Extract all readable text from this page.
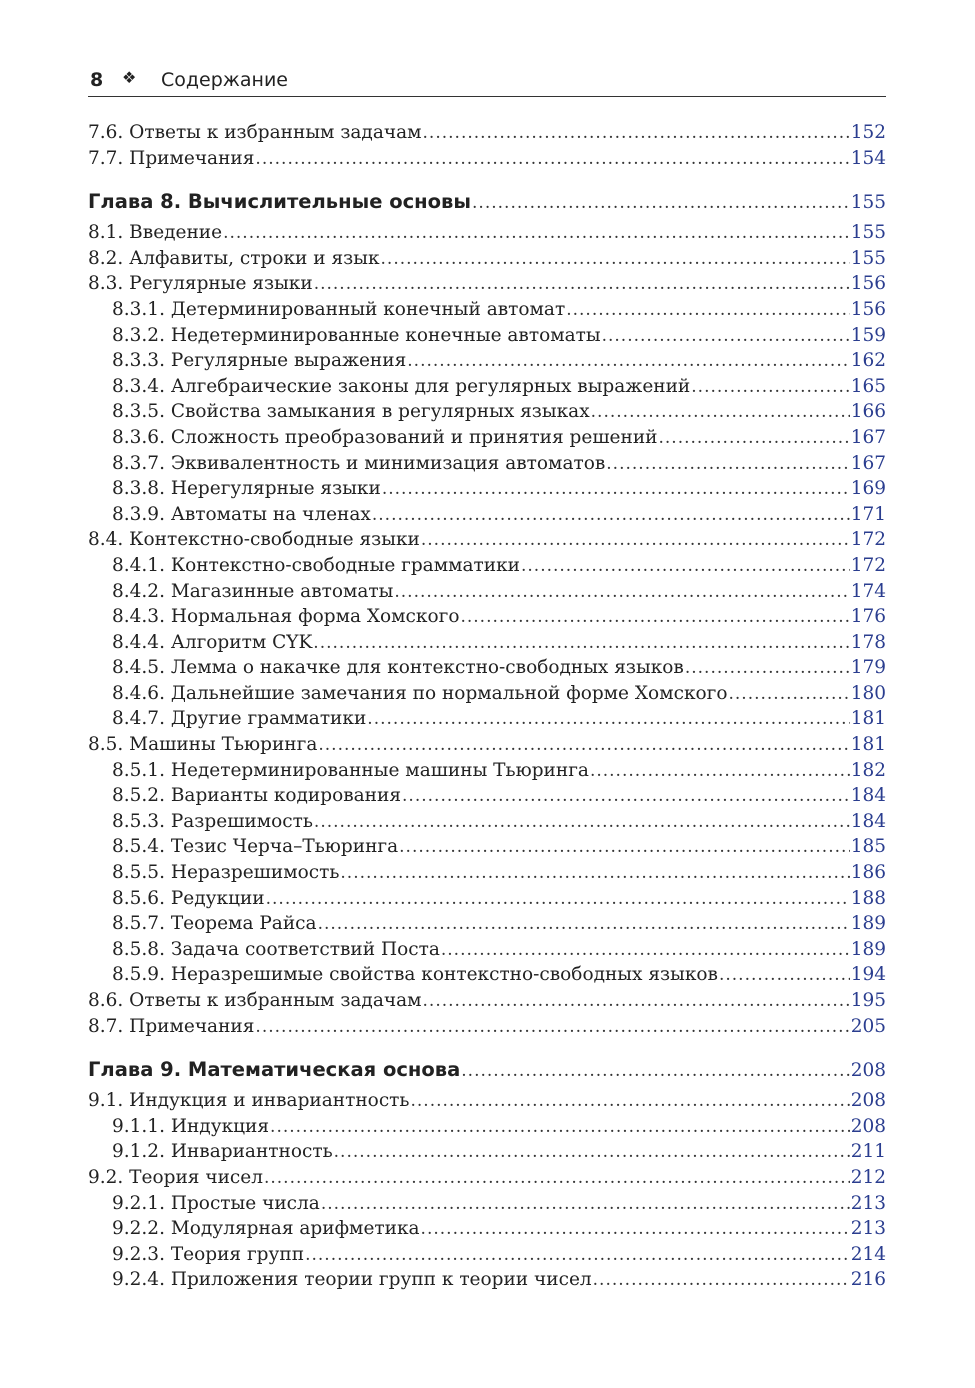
8 ❖ Содержание
7.6. Ответы к избранным задачам .....	152
7.7. Примечания .....	154
Глава 8. Вычислительные основы .....	155
8.1. Введение .....	155
8.2. Алфавиты, строки и язык .....	155
8.3. Регулярные языки .....	156
8.3.1. Детерминированный конечный автомат .....	156
8.3.2. Недетерминированные конечные автоматы .....	159
8.3.3. Регулярные выражения .....	162
8.3.4. Алгебраические законы для регулярных выражений .....	165
8.3.5. Свойства замыкания в регулярных языках .....	166
8.3.6. Сложность преобразований и принятия решений .....	167
8.3.7. Эквивалентность и минимизация автоматов .....	167
8.3.8. Нерегулярные языки .....	169
8.3.9. Автоматы на членах .....	171
8.4. Контекстно-свободные языки .....	172
8.4.1. Контекстно-свободные грамматики .....	172
8.4.2. Магазинные автоматы .....	174
8.4.3. Нормальная форма Хомского .....	176
8.4.4. Алгоритм CYK .....	178
8.4.5. Лемма о накачке для контекстно-свободных языков .....	179
8.4.6. Дальнейшие замечания по нормальной форме Хомского .....	180
8.4.7. Другие грамматики .....	181
8.5. Машины Тьюринга .....	181
8.5.1. Недетерминированные машины Тьюринга .....	182
8.5.2. Варианты кодирования .....	184
8.5.3. Разрешимость .....	184
8.5.4. Тезис Черча–Тьюринга .....	185
8.5.5. Неразрешимость .....	186
8.5.6. Редукции .....	188
8.5.7. Теорема Райса .....	189
8.5.8. Задача соответствий Поста .....	189
8.5.9. Неразрешимые свойства контекстно-свободных языков .....	194
8.6. Ответы к избранным задачам .....	195
8.7. Примечания .....	205
Глава 9. Математическая основа .....	208
9.1. Индукция и инвариантность .....	208
9.1.1. Индукция .....	208
9.1.2. Инвариантность .....	211
9.2. Теория чисел .....	212
9.2.1. Простые числа .....	213
9.2.2. Модулярная арифметика .....	213
9.2.3. Теория групп .....	214
9.2.4. Приложения теории групп к теории чисел .....	216
